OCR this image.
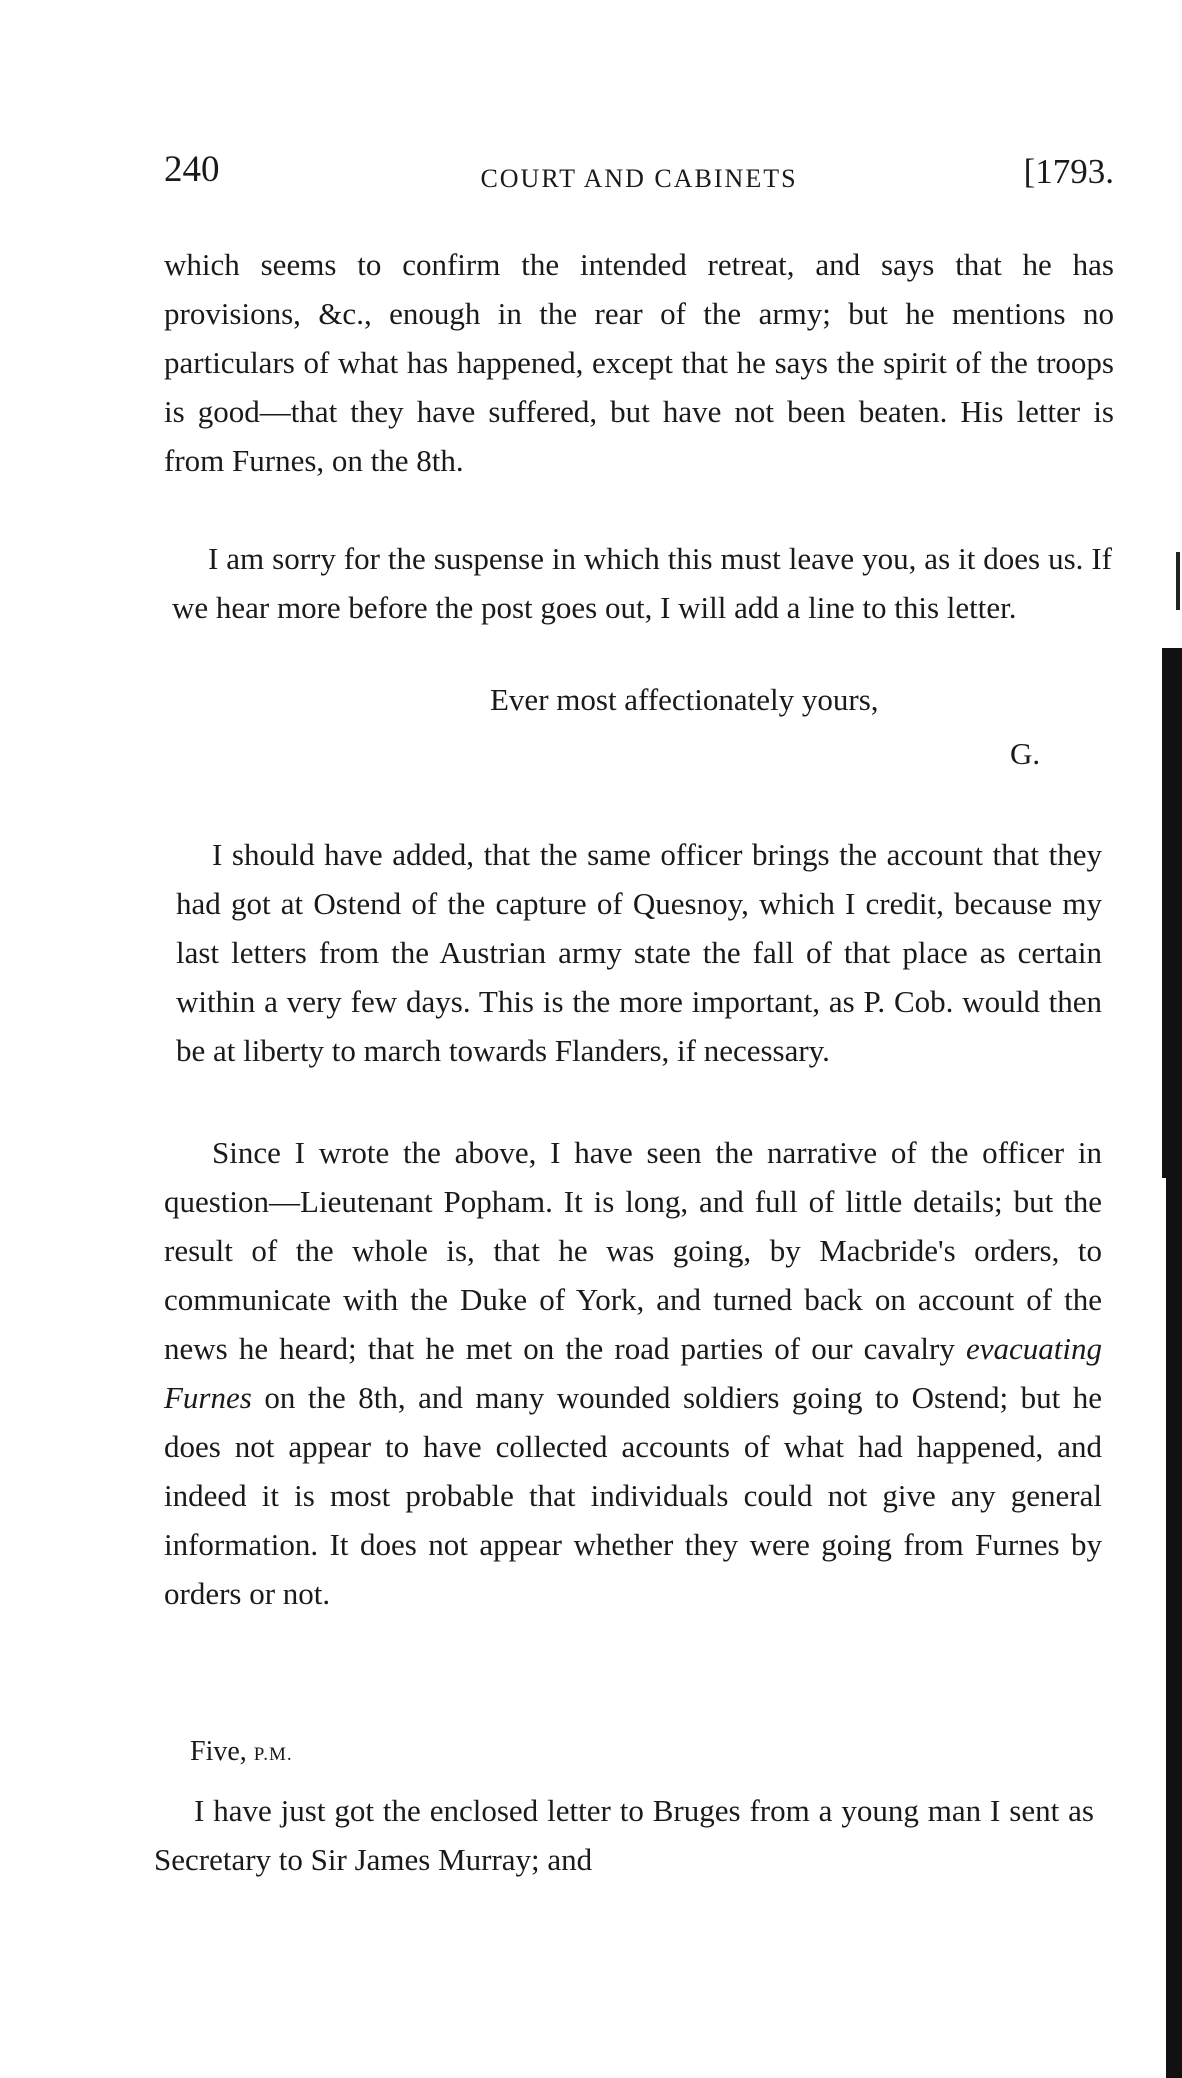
240	COURT AND CABINETS	[1793.
which seems to confirm the intended retreat, and says that he has provisions, &c., enough in the rear of the army; but he mentions no particulars of what has happened, except that he says the spirit of the troops is good—that they have suffered, but have not been beaten. His letter is from Furnes, on the 8th.
I am sorry for the suspense in which this must leave you, as it does us. If we hear more before the post goes out, I will add a line to this letter.
Ever most affectionately yours,
G.
I should have added, that the same officer brings the account that they had got at Ostend of the capture of Quesnoy, which I credit, because my last letters from the Austrian army state the fall of that place as certain within a very few days. This is the more important, as P. Cob. would then be at liberty to march towards Flanders, if necessary.
Since I wrote the above, I have seen the narrative of the officer in question—Lieutenant Popham. It is long, and full of little details; but the result of the whole is, that he was going, by Macbride's orders, to communicate with the Duke of York, and turned back on account of the news he heard; that he met on the road parties of our cavalry evacuating Furnes on the 8th, and many wounded soldiers going to Ostend; but he does not appear to have collected accounts of what had happened, and indeed it is most probable that individuals could not give any general information. It does not appear whether they were going from Furnes by orders or not.
Five, P.M.
I have just got the enclosed letter to Bruges from a young man I sent as Secretary to Sir James Murray; and
